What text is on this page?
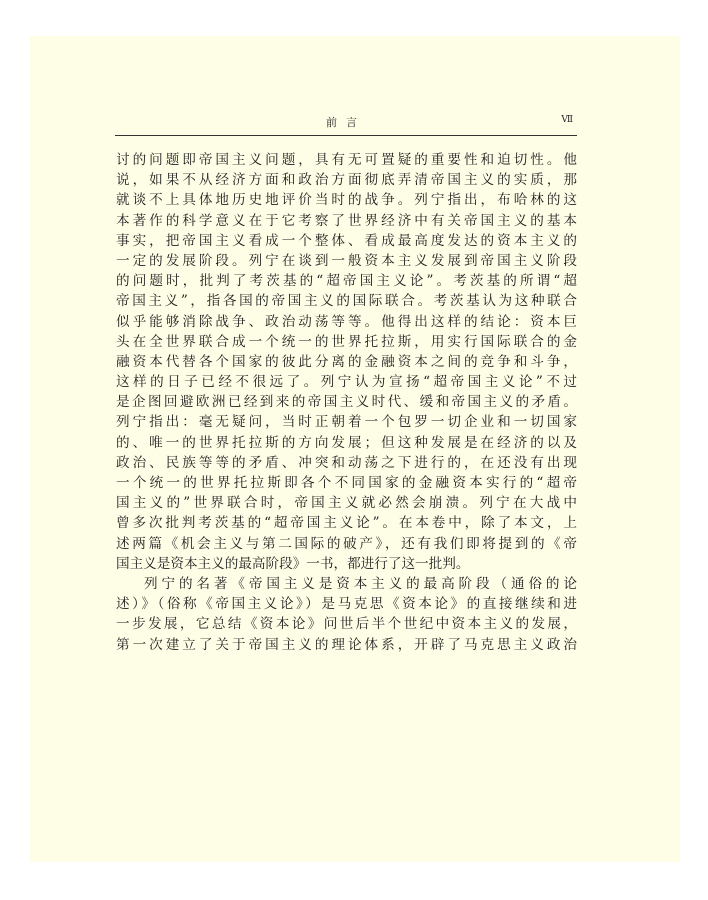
前言	Ⅶ
讨的问题即帝国主义问题，具有无可置疑的重要性和迫切性。他
说，如果不从经济方面和政治方面彻底弄清帝国主义的实质，那
就谈不上具体地历史地评价当时的战争。列宁指出，布哈林的这
本著作的科学意义在于它考察了世界经济中有关帝国主义的基本
事实，把帝国主义看成一个整体、看成最高度发达的资本主义的
一定的发展阶段。列宁在谈到一般资本主义发展到帝国主义阶段
的问题时，批判了考茨基的“超帝国主义论”。考茨基的所谓“超
帝国主义”，指各国的帝国主义的国际联合。考茨基认为这种联合
似乎能够消除战争、政治动荡等等。他得出这样的结论：资本巨
头在全世界联合成一个统一的世界托拉斯，用实行国际联合的金
融资本代替各个国家的彼此分离的金融资本之间的竞争和斗争，
这样的日子已经不很远了。列宁认为宣扬“超帝国主义论”不过
是企图回避欧洲已经到来的帝国主义时代、缓和帝国主义的矛盾。
列宁指出：毫无疑问，当时正朝着一个包罗一切企业和一切国家
的、唯一的世界托拉斯的方向发展；但这种发展是在经济的以及
政治、民族等等的矛盾、冲突和动荡之下进行的，在还没有出现
一个统一的世界托拉斯即各个不同国家的金融资本实行的“超帝
国主义的”世界联合时，帝国主义就必然会崩溃。列宁在大战中
曾多次批判考茨基的“超帝国主义论”。在本卷中，除了本文，上
述两篇《机会主义与第二国际的破产》，还有我们即将提到的《帝
国主义是资本主义的最高阶段》一书，都进行了这一批判。
列宁的名著《帝国主义是资本主义的最高阶段（通俗的论
述）》（俗称《帝国主义论》）是马克思《资本论》的直接继续和进
一步发展，它总结《资本论》问世后半个世纪中资本主义的发展，
第一次建立了关于帝国主义的理论体系，开辟了马克思主义政治
